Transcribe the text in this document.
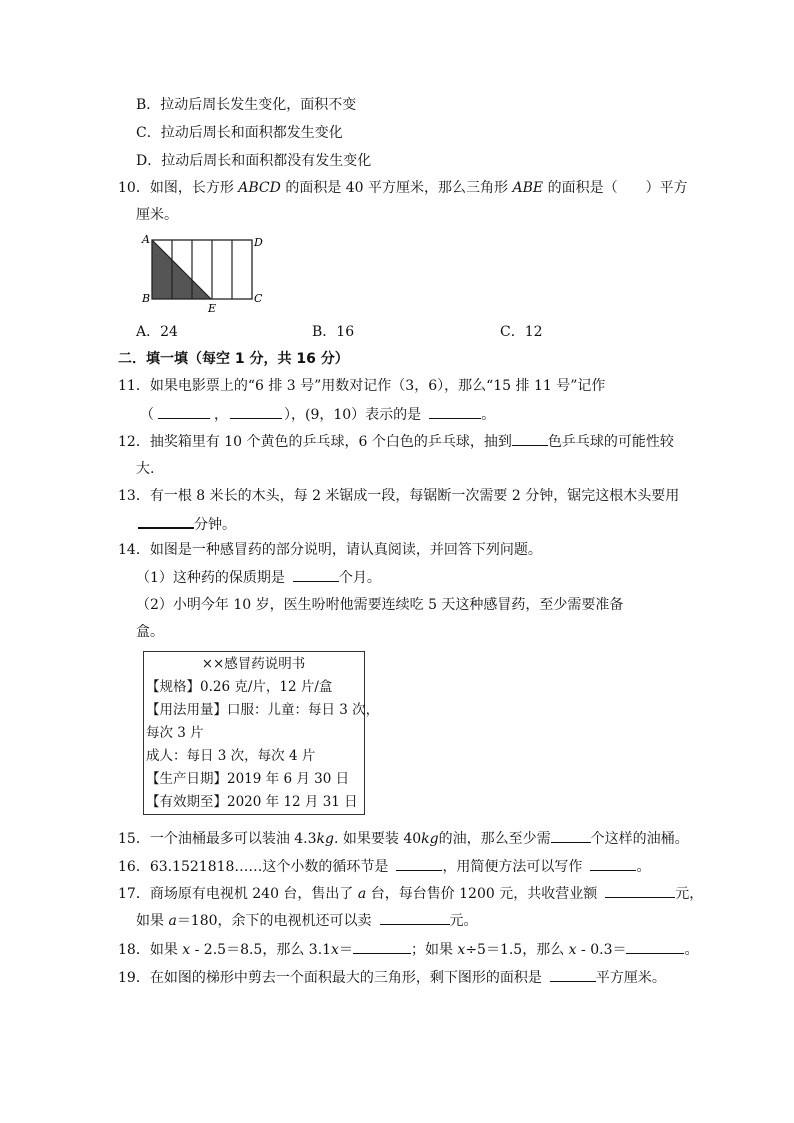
B．拉动后周长发生变化，面积不变
C．拉动后周长和面积都发生变化
D．拉动后周长和面积都没有发生变化
10．如图，长方形 ABCD 的面积是 40 平方厘米，那么三角形 ABE 的面积是（　　）平方
厘米。
A	D
B	C
E
A．24	B．16	C．12
二．填一填（每空 1 分，共 16 分）
11．如果电影票上的“6 排 3 号”用数对记作（3，6），那么“15 排 11 号”记作
（	，	），(9，10）表示的是	。
12．抽奖箱里有 10 个黄色的乒乓球，6 个白色的乒乓球，抽到	色乒乓球的可能性较
大.
13．有一根 8 米长的木头，每 2 米锯成一段，每锯断一次需要 2 分钟，锯完这根木头要用
分钟。
14．如图是一种感冒药的部分说明，请认真阅读，并回答下列问题。
（1）这种药的保质期是	个月。
（2）小明今年 10 岁，医生吩咐他需要连续吃 5 天这种感冒药，至少需要准备
盒。
××感冒药说明书
【规格】0.26 克/片，12 片/盒
【用法用量】口服：儿童：每日 3 次，
每次 3 片
成人：每日 3 次，每次 4 片
【生产日期】2019 年 6 月 30 日
【有效期至】2020 年 12 月 31 日
15．一个油桶最多可以装油 4.3kg. 如果要装 40kg的油，那么至少需	个这样的油桶。
16．63.1521818……这个小数的循环节是	，用简便方法可以写作	。
17．商场原有电视机 240 台，售出了 a 台，每台售价 1200 元，共收营业额	元，
如果 a＝180，余下的电视机还可以卖	元。
18．如果 x - 2.5＝8.5，那么 3.1x＝	；如果 x÷5＝1.5，那么 x - 0.3＝	。
19．在如图的梯形中剪去一个面积最大的三角形，剩下图形的面积是	平方厘米。
